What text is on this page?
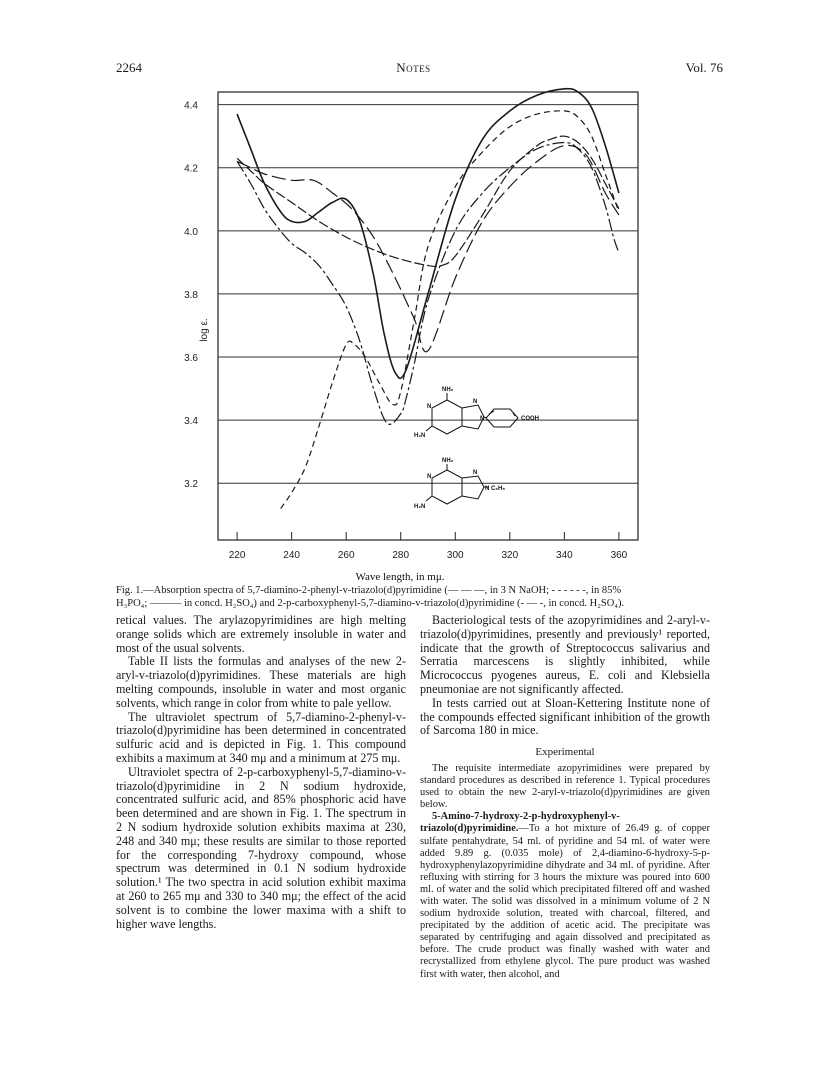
2264	Notes	Vol. 76
3.2
3.4
3.6
3.8
4.0
4.2
4.4
220	240	260	280	300	320	340	360
log ε.
Wave length, in mμ.
NH₂
N
N
N
H₂N
COOH
NH₂
N
N
N
H₂N
C₆H₅
Fig. 1.—Absorption spectra of 5,7-diamino-2-phenyl-v-triazolo(d)pyrimidine (— — —, in 3 N NaOH; - - - - - -, in 85%
H₃PO₄; ——— in concd. H₂SO₄) and 2-p-carboxyphenyl-5,7-diamino-v-triazolo(d)pyrimidine (- — -, in concd. H₂SO₄).

retical values. The arylazopyrimidines are high melting orange solids which are extremely insoluble in water and most of the usual solvents.

Table II lists the formulas and analyses of the new 2-aryl-v-triazolo(d)pyrimidines. These materials are high melting compounds, insoluble in water and most organic solvents, which range in color from white to pale yellow.

The ultraviolet spectrum of 5,7-diamino-2-phenyl-v-triazolo(d)pyrimidine has been determined in concentrated sulfuric acid and is depicted in Fig. 1. This compound exhibits a maximum at 340 mμ and a minimum at 275 mμ.

Ultraviolet spectra of 2-p-carboxyphenyl-5,7-diamino-v-triazolo(d)pyrimidine in 2 N sodium hydroxide, concentrated sulfuric acid, and 85% phosphoric acid have been determined and are shown in Fig. 1. The spectrum in 2 N sodium hydroxide solution exhibits maxima at 230, 248 and 340 mμ; these results are similar to those reported for the corresponding 7-hydroxy compound, whose spectrum was determined in 0.1 N sodium hydroxide solution.¹ The two spectra in acid solution exhibit maxima at 260 to 265 mμ and 330 to 340 mμ; the effect of the acid solvent is to combine the lower maxima with a shift to higher wave lengths.

Bacteriological tests of the azopyrimidines and 2-aryl-v-triazolo(d)pyrimidines, presently and previously¹ reported, indicate that the growth of Streptococcus salivarius and Serratia marcescens is slightly inhibited, while Micrococcus pyogenes aureus, E. coli and Klebsiella pneumoniae are not significantly affected.

In tests carried out at Sloan-Kettering Institute none of the compounds effected significant inhibition of the growth of Sarcoma 180 in mice.

Experimental

The requisite intermediate azopyrimidines were prepared by standard procedures as described in reference 1. Typical procedures used to obtain the new 2-aryl-v-triazolo(d)pyrimidines are given below.

5-Amino-7-hydroxy-2-p-hydroxyphenyl-v-triazolo(d)pyrimidine.—To a hot mixture of 26.49 g. of copper sulfate pentahydrate, 54 ml. of pyridine and 54 ml. of water were added 9.89 g. (0.035 mole) of 2,4-diamino-6-hydroxy-5-p-hydroxyphenylazopyrimidine dihydrate and 34 ml. of pyridine. After refluxing with stirring for 3 hours the mixture was poured into 600 ml. of water and the solid which precipitated filtered off and washed with water. The solid was dissolved in a minimum volume of 2 N sodium hydroxide solution, treated with charcoal, filtered, and precipitated by the addition of acetic acid. The precipitate was separated by centrifuging and again dissolved and precipitated as before. The crude product was finally washed with water and recrystallized from ethylene glycol. The pure product was washed first with water, then alcohol, and
